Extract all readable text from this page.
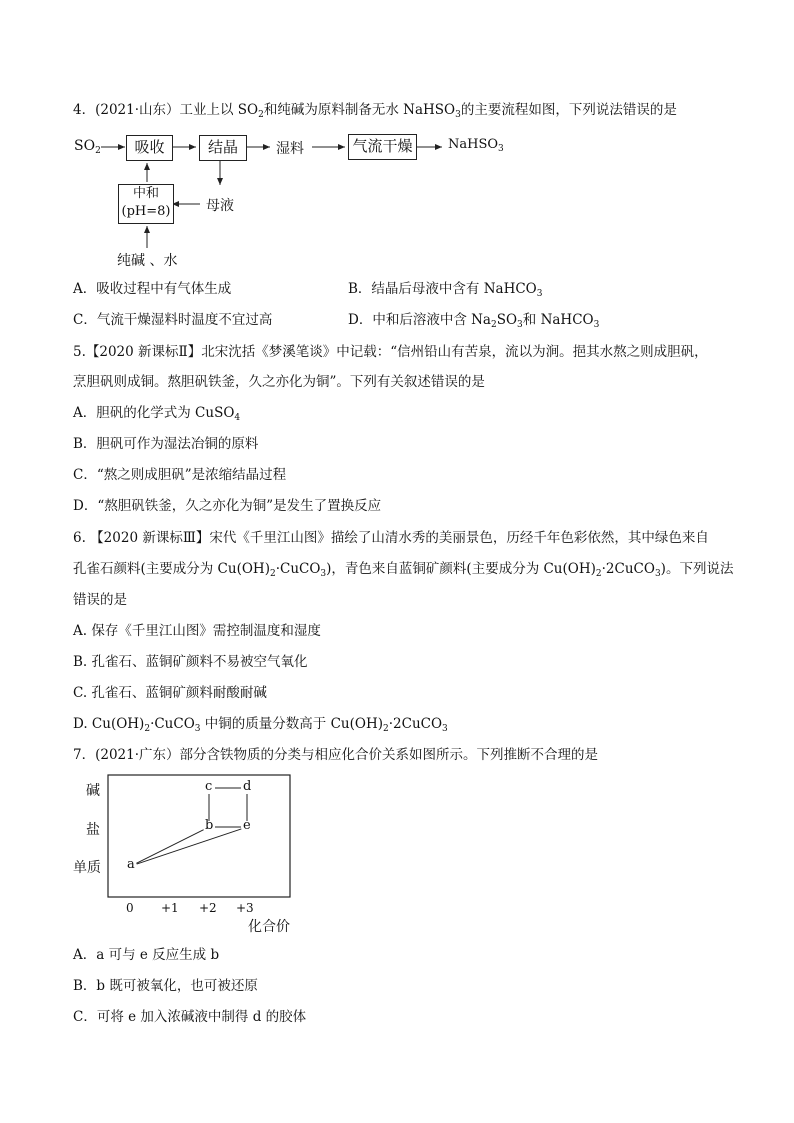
4．(2021·山东）工业上以 $SO_2$和纯碱为原料制备无水 NaHSO$_3$的主要流程如图，下列说法错误的是
$SO_2$	吸收	结晶	湿料	气流干燥	NaHSO$_3$
中和
(pH=8)	母液
纯碱 、水
A．吸收过程中有气体生成	B．结晶后母液中含有 NaHCO$_3$
C．气流干燥湿料时温度不宜过高	D．中和后溶液中含 $Na_2SO_3$和 NaHCO$_3$
5.【2020 新课标Ⅱ】北宋沈括《梦溪笔谈》中记载：“信州铅山有苦泉，流以为涧。挹其水熬之则成胆矾，
烹胆矾则成铜。熬胆矾铁釜，久之亦化为铜”。下列有关叙述错误的是
A．胆矾的化学式为 CuSO$_4$
B．胆矾可作为湿法冶铜的原料
C．“熬之则成胆矾”是浓缩结晶过程
D．“熬胆矾铁釜，久之亦化为铜”是发生了置换反应
6. 【2020 新课标Ⅲ】宋代《千里江山图》描绘了山清水秀的美丽景色，历经千年色彩依然，其中绿色来自
孔雀石颜料(主要成分为 $Cu(OH)_2\cdot CuCO_3$)，青色来自蓝铜矿颜料(主要成分为 $Cu(OH)_2\cdot 2CuCO_3$)。下列说法
错误的是
A. 保存《千里江山图》需控制温度和湿度
B. 孔雀石、蓝铜矿颜料不易被空气氧化
C. 孔雀石、蓝铜矿颜料耐酸耐碱
D. $Cu(OH)_2\cdot CuCO_3$ 中铜的质量分数高于 $Cu(OH)_2\cdot 2CuCO_3$
7．(2021·广东）部分含铁物质的分类与相应化合价关系如图所示。下列推断不合理的是
碱
盐
单质
0 +1 +2 +3
化合价
a
b
c d
e
A．a 可与 e 反应生成 b
B．b 既可被氧化，也可被还原
C．可将 e 加入浓碱液中制得 d 的胶体
